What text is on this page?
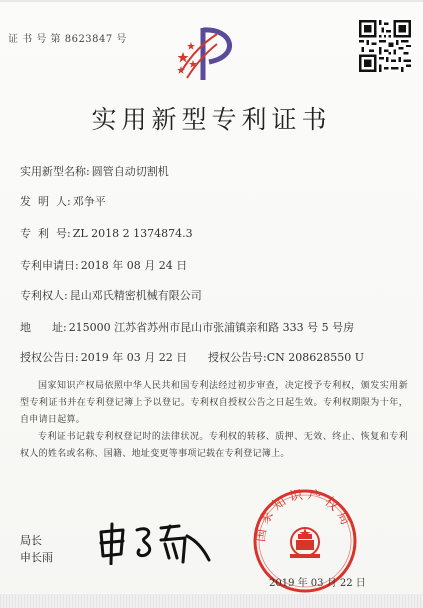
证 书 号 第 8623847 号
实用新型专利证书
实用新型名称: 圆管自动切割机
发  明  人: 邓争平
专  利  号: ZL 2018 2 1374874.3
专利申请日: 2018 年 08 月 24 日
专利权人: 昆山邓氏精密机械有限公司
地      址: 215000 江苏省苏州市昆山市张浦镇亲和路 333 号 5 号房
授权公告日: 2019 年 03 月 22 日 授权公告号:CN 208628550 U
国家知识产权局依照中华人民共和国专利法经过初步审查，决定授予专利权，颁发实用新型专利证书并在专利登记簿上予以登记。专利权自授权公告之日起生效。专利权期限为十年，自申请日起算。
专利证书记载专利权登记时的法律状况。专利权的转移、质押、无效、终止、恢复和专利权人的姓名或名称、国籍、地址变更等事项记载在专利登记簿上。
局长
申长雨
国家知识产权局
2019 年 03 月 22 日
